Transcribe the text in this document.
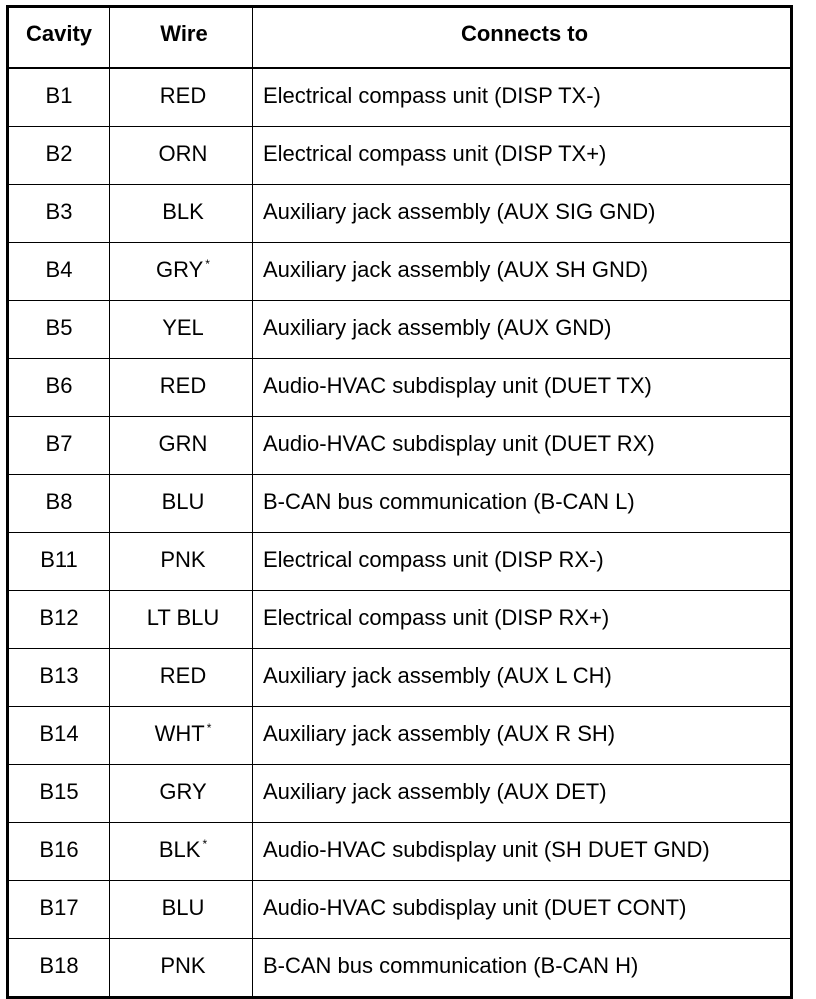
Cavity	Wire	Connects to
B1	RED	Electrical compass unit (DISP TX-)
B2	ORN	Electrical compass unit (DISP TX+)
B3	BLK	Auxiliary jack assembly (AUX SIG GND)
B4	GRY *	Auxiliary jack assembly (AUX SH GND)
B5	YEL	Auxiliary jack assembly (AUX GND)
B6	RED	Audio-HVAC subdisplay unit (DUET TX)
B7	GRN	Audio-HVAC subdisplay unit (DUET RX)
B8	BLU	B-CAN bus communication (B-CAN L)
B11	PNK	Electrical compass unit (DISP RX-)
B12	LT BLU	Electrical compass unit (DISP RX+)
B13	RED	Auxiliary jack assembly (AUX L CH)
B14	WHT *	Auxiliary jack assembly (AUX R SH)
B15	GRY	Auxiliary jack assembly (AUX DET)
B16	BLK *	Audio-HVAC subdisplay unit (SH DUET GND)
B17	BLU	Audio-HVAC subdisplay unit (DUET CONT)
B18	PNK	B-CAN bus communication (B-CAN H)
